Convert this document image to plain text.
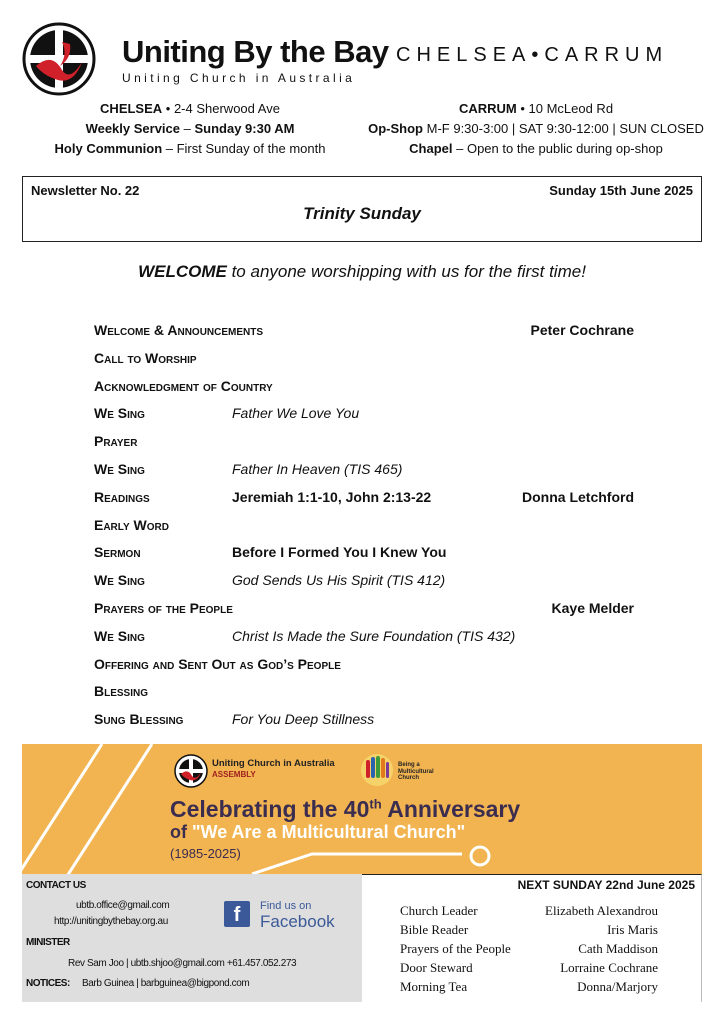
Uniting By the Bay CHELSEA•CARRUM
Uniting Church in Australia
CHELSEA • 2-4 Sherwood Ave
Weekly Service – Sunday 9:30 AM
Holy Communion – First Sunday of the month
CARRUM • 10 McLeod Rd
Op-Shop M-F 9:30-3:00 | SAT 9:30-12:00 | SUN CLOSED
Chapel – Open to the public during op-shop
Newsletter No. 22	Sunday 15th June 2025
Trinity Sunday
WELCOME to anyone worshipping with us for the first time!
Welcome & Announcements	Peter Cochrane
Call to Worship
Acknowledgment of Country
We Sing	Father We Love You
Prayer
We Sing	Father In Heaven (TIS 465)
Readings	Jeremiah 1:1-10, John 2:13-22	Donna Letchford
Early Word
Sermon	Before I Formed You I Knew You
We Sing	God Sends Us His Spirit (TIS 412)
Prayers of the People	Kaye Melder
We Sing	Christ Is Made the Sure Foundation (TIS 432)
Offering and Sent Out as God’s People
Blessing
Sung Blessing	For You Deep Stillness
Uniting Church in Australia
ASSEMBLY
Being a Multicultural Church
Celebrating the 40th Anniversary
of "We Are a Multicultural Church"
(1985-2025)
CONTACT US
ubtb.office@gmail.com
http://unitingbythebay.org.au	f	Find us on
Facebook
MINISTER
Rev Sam Joo | ubtb.shjoo@gmail.com +61.457.052.273
NOTICES: Barb Guinea | barbguinea@bigpond.com
NEXT SUNDAY 22nd June 2025
Church Leader	Elizabeth Alexandrou
Bible Reader	Iris Maris
Prayers of the People	Cath Maddison
Door Steward	Lorraine Cochrane
Morning Tea	Donna/Marjory
